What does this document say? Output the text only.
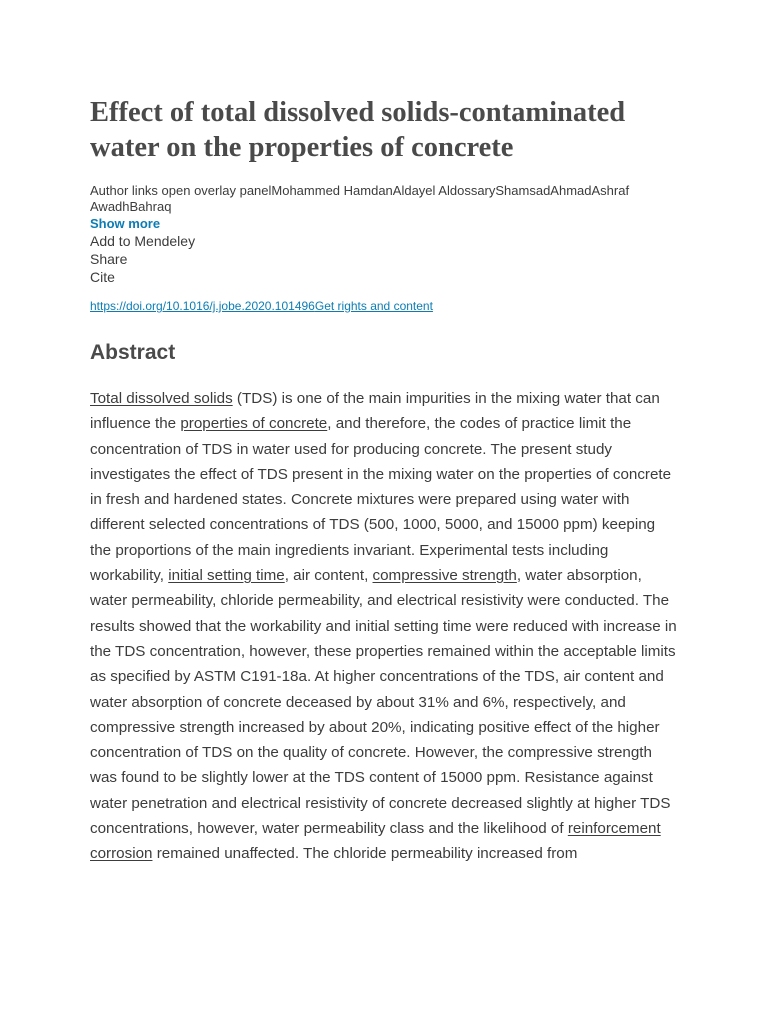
Effect of total dissolved solids-contaminated water on the properties of concrete
Author links open overlay panelMohammed HamdanAldayel AldossaryShamsadAhmadAshraf AwadhBahraq
Show more
Add to Mendeley
Share
Cite
https://doi.org/10.1016/j.jobe.2020.101496Get rights and content
Abstract

Total dissolved solids (TDS) is one of the main impurities in the mixing water that can influence the properties of concrete, and therefore, the codes of practice limit the concentration of TDS in water used for producing concrete. The present study investigates the effect of TDS present in the mixing water on the properties of concrete in fresh and hardened states. Concrete mixtures were prepared using water with different selected concentrations of TDS (500, 1000, 5000, and 15000 ppm) keeping the proportions of the main ingredients invariant. Experimental tests including workability, initial setting time, air content, compressive strength, water absorption, water permeability, chloride permeability, and electrical resistivity were conducted. The results showed that the workability and initial setting time were reduced with increase in the TDS concentration, however, these properties remained within the acceptable limits as specified by ASTM C191-18a. At higher concentrations of the TDS, air content and water absorption of concrete deceased by about 31% and 6%, respectively, and compressive strength increased by about 20%, indicating positive effect of the higher concentration of TDS on the quality of concrete. However, the compressive strength was found to be slightly lower at the TDS content of 15000 ppm. Resistance against water penetration and electrical resistivity of concrete decreased slightly at higher TDS concentrations, however, water permeability class and the likelihood of reinforcement corrosion remained unaffected. The chloride permeability increased from
